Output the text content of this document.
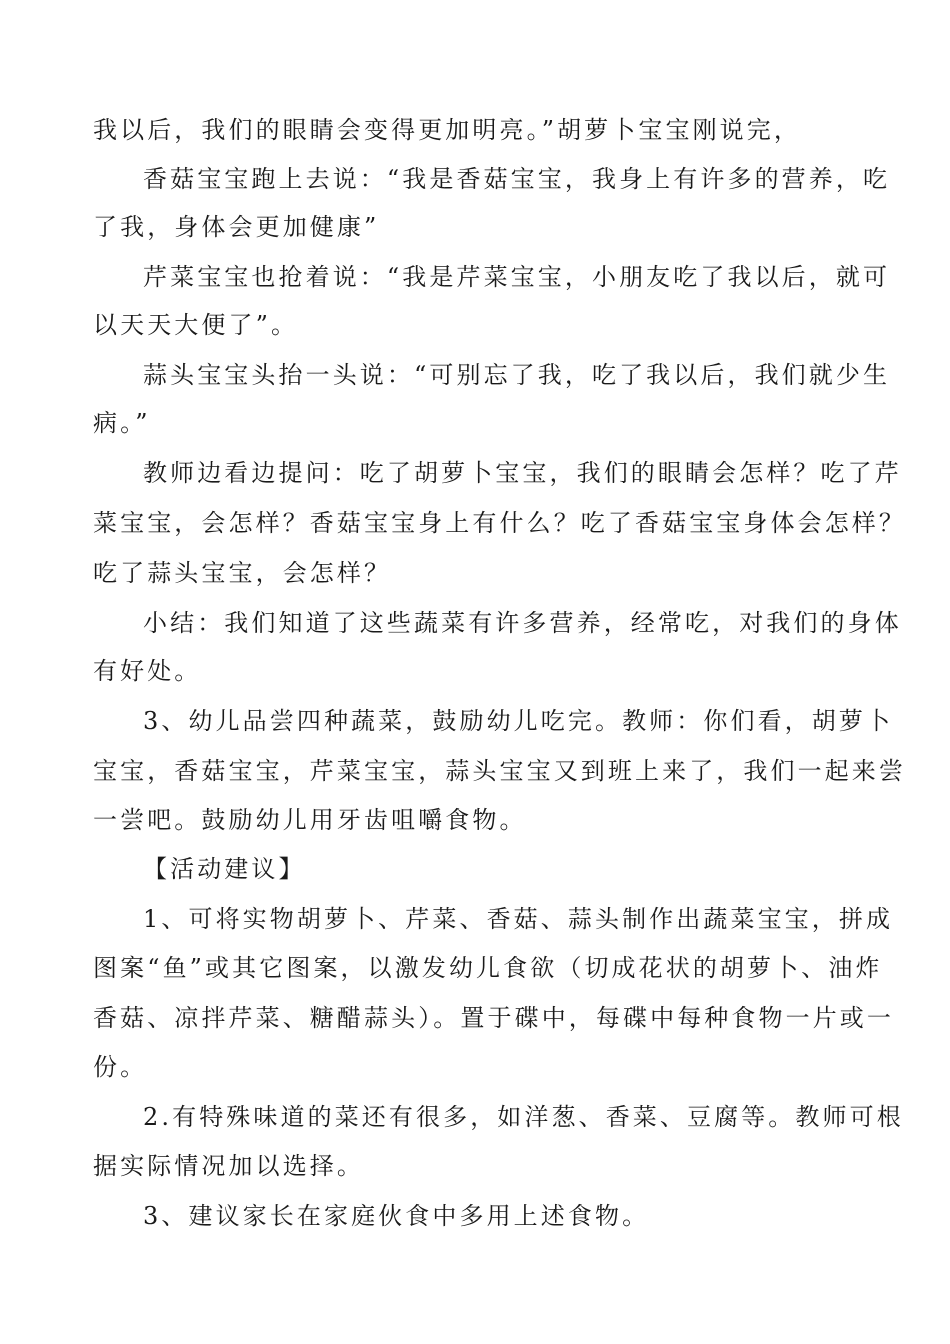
我以后，我们的眼睛会变得更加明亮。”胡萝卜宝宝刚说完，
香菇宝宝跑上去说：“我是香菇宝宝，我身上有许多的营养，吃
了我，身体会更加健康”
芹菜宝宝也抢着说：“我是芹菜宝宝，小朋友吃了我以后，就可
以天天大便了”。
蒜头宝宝头抬一头说：“可别忘了我，吃了我以后，我们就少生
病。”
教师边看边提问：吃了胡萝卜宝宝，我们的眼睛会怎样？吃了芹
菜宝宝，会怎样？香菇宝宝身上有什么？吃了香菇宝宝身体会怎样？
吃了蒜头宝宝，会怎样？
小结：我们知道了这些蔬菜有许多营养，经常吃，对我们的身体
有好处。
3、幼儿品尝四种蔬菜，鼓励幼儿吃完。教师：你们看，胡萝卜
宝宝，香菇宝宝，芹菜宝宝，蒜头宝宝又到班上来了，我们一起来尝
一尝吧。鼓励幼儿用牙齿咀嚼食物。
【活动建议】
1、可将实物胡萝卜、芹菜、香菇、蒜头制作出蔬菜宝宝，拼成
图案“鱼”或其它图案，以激发幼儿食欲（切成花状的胡萝卜、油炸
香菇、凉拌芹菜、糖醋蒜头）。置于碟中，每碟中每种食物一片或一
份。
2.有特殊味道的菜还有很多，如洋葱、香菜、豆腐等。教师可根
据实际情况加以选择。
3、建议家长在家庭伙食中多用上述食物。
